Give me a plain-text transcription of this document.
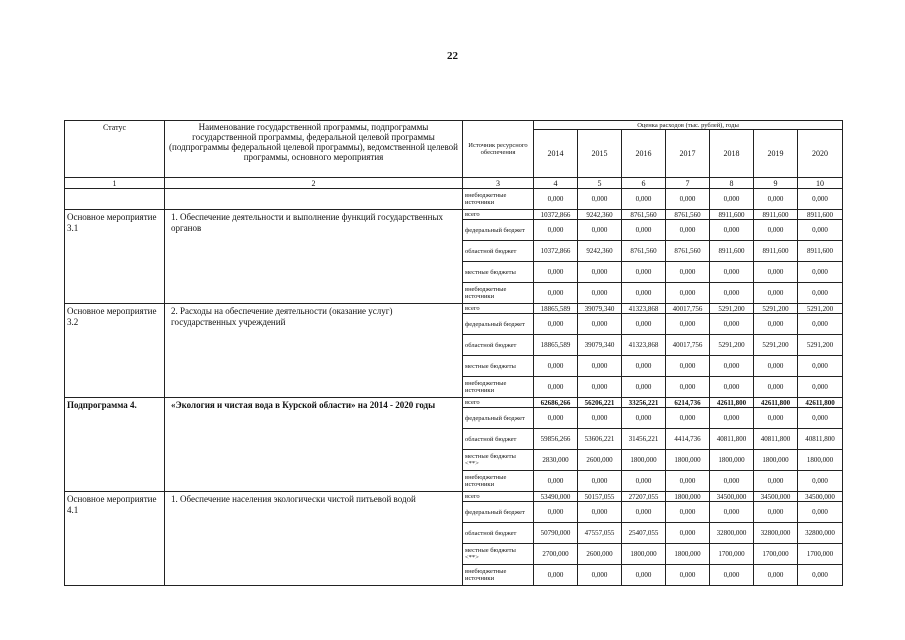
22
Статус	Наименование государственной программы, подпрограммы государственной программы, федеральной целевой программы (подпрограммы федеральной целевой программы), ведомственной целевой программы, основного мероприятия	Источник ресурсного обеспечения	Оценка расходов (тыс. рублей), годы						
			2014	2015	2016	2017	2018	2019	2020
1	2	3	4	5	6	7	8	9	10
		внебюджетные источники	0,000	0,000	0,000	0,000	0,000	0,000	0,000
Основное мероприятие 3.1	1. Обеспечение деятельности и выполнение функций государственных органов	всего	10372,866	9242,360	8761,560	8761,560	8911,600	8911,600	8911,600
		федеральный бюджет	0,000	0,000	0,000	0,000	0,000	0,000	0,000
		областной бюджет	10372,866	9242,360	8761,560	8761,560	8911,600	8911,600	8911,600
		местные бюджеты	0,000	0,000	0,000	0,000	0,000	0,000	0,000
		внебюджетные источники	0,000	0,000	0,000	0,000	0,000	0,000	0,000
Основное мероприятие 3.2	2. Расходы на обеспечение деятельности (оказание услуг) государственных учреждений	всего	18865,589	39079,340	41323,868	40017,756	5291,200	5291,200	5291,200
		федеральный бюджет	0,000	0,000	0,000	0,000	0,000	0,000	0,000
		областной бюджет	18865,589	39079,340	41323,868	40017,756	5291,200	5291,200	5291,200
		местные бюджеты	0,000	0,000	0,000	0,000	0,000	0,000	0,000
		внебюджетные источники	0,000	0,000	0,000	0,000	0,000	0,000	0,000
Подпрограмма 4.	«Экология и чистая вода в Курской области» на 2014 - 2020 годы	всего	62686,266	56206,221	33256,221	6214,736	42611,800	42611,800	42611,800
		федеральный бюджет	0,000	0,000	0,000	0,000	0,000	0,000	0,000
		областной бюджет	59856,266	53606,221	31456,221	4414,736	40811,800	40811,800	40811,800
		местные бюджеты <**>	2830,000	2600,000	1800,000	1800,000	1800,000	1800,000	1800,000
		внебюджетные источники	0,000	0,000	0,000	0,000	0,000	0,000	0,000
Основное мероприятие 4.1	1. Обеспечение населения экологически чистой питьевой водой	всего	53490,000	50157,055	27207,055	1800,000	34500,000	34500,000	34500,000
		федеральный бюджет	0,000	0,000	0,000	0,000	0,000	0,000	0,000
		областной бюджет	50790,000	47557,055	25407,055	0,000	32800,000	32800,000	32800,000
		местные бюджеты <**>	2700,000	2600,000	1800,000	1800,000	1700,000	1700,000	1700,000
		внебюджетные источники	0,000	0,000	0,000	0,000	0,000	0,000	0,000
